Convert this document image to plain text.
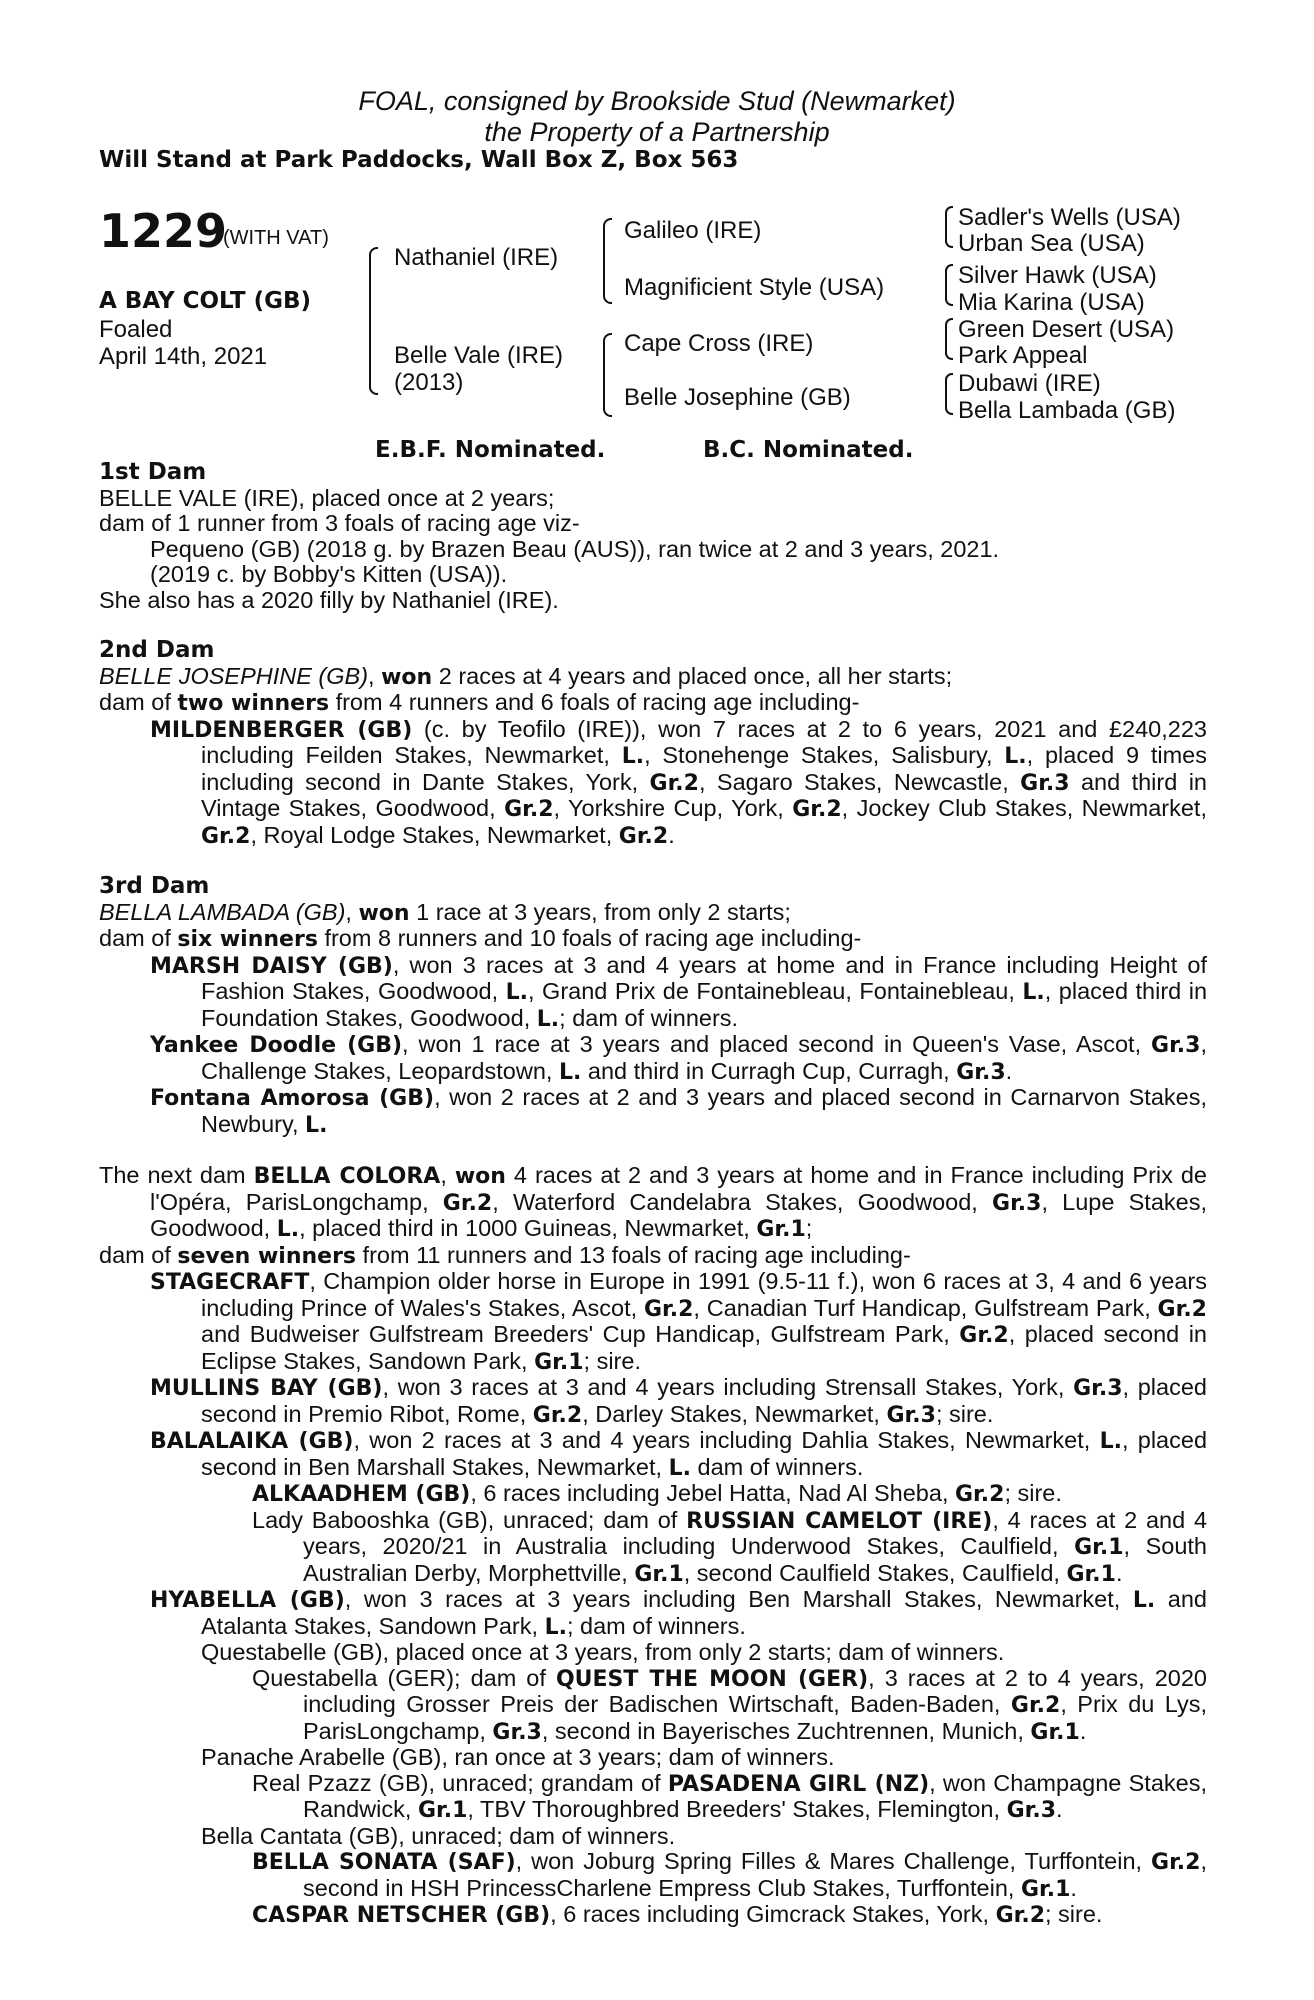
FOAL, consigned by Brookside Stud (Newmarket)
the Property of a Partnership
Will Stand at Park Paddocks, Wall Box Z, Box 563
1229
(WITH VAT)
A BAY COLT (GB)
Foaled
April 14th, 2021
Nathaniel (IRE)
Belle Vale (IRE)
(2013)
Galileo (IRE)
Magnificient Style (USA)
Cape Cross (IRE)
Belle Josephine (GB)
Sadler's Wells (USA)
Urban Sea (USA)
Silver Hawk (USA)
Mia Karina (USA)
Green Desert (USA)
Park Appeal
Dubawi (IRE)
Bella Lambada (GB)
E.B.F. Nominated.	B.C. Nominated.
1st Dam
BELLE VALE (IRE), placed once at 2 years;
dam of 1 runner from 3 foals of racing age viz-
Pequeno (GB) (2018 g. by Brazen Beau (AUS)), ran twice at 2 and 3 years, 2021.
(2019 c. by Bobby's Kitten (USA)).
She also has a 2020 filly by Nathaniel (IRE).
2nd Dam
BELLE JOSEPHINE (GB), won 2 races at 4 years and placed once, all her starts;
dam of two winners from 4 runners and 6 foals of racing age including-
MILDENBERGER (GB) (c. by Teofilo (IRE)), won 7 races at 2 to 6 years, 2021 and £240,223 including Feilden Stakes, Newmarket, L., Stonehenge Stakes, Salisbury, L., placed 9 times including second in Dante Stakes, York, Gr.2, Sagaro Stakes, Newcastle, Gr.3 and third in Vintage Stakes, Goodwood, Gr.2, Yorkshire Cup, York, Gr.2, Jockey Club Stakes, Newmarket, Gr.2, Royal Lodge Stakes, Newmarket, Gr.2.
3rd Dam
BELLA LAMBADA (GB), won 1 race at 3 years, from only 2 starts;
dam of six winners from 8 runners and 10 foals of racing age including-
MARSH DAISY (GB), won 3 races at 3 and 4 years at home and in France including Height of Fashion Stakes, Goodwood, L., Grand Prix de Fontainebleau, Fontainebleau, L., placed third in Foundation Stakes, Goodwood, L.; dam of winners.
Yankee Doodle (GB), won 1 race at 3 years and placed second in Queen's Vase, Ascot, Gr.3, Challenge Stakes, Leopardstown, L. and third in Curragh Cup, Curragh, Gr.3.
Fontana Amorosa (GB), won 2 races at 2 and 3 years and placed second in Carnarvon Stakes, Newbury, L.
The next dam BELLA COLORA, won 4 races at 2 and 3 years at home and in France including Prix de l'Opéra, ParisLongchamp, Gr.2, Waterford Candelabra Stakes, Goodwood, Gr.3, Lupe Stakes, Goodwood, L., placed third in 1000 Guineas, Newmarket, Gr.1;
dam of seven winners from 11 runners and 13 foals of racing age including-
STAGECRAFT, Champion older horse in Europe in 1991 (9.5-11 f.), won 6 races at 3, 4 and 6 years including Prince of Wales's Stakes, Ascot, Gr.2, Canadian Turf Handicap, Gulfstream Park, Gr.2 and Budweiser Gulfstream Breeders' Cup Handicap, Gulfstream Park, Gr.2, placed second in Eclipse Stakes, Sandown Park, Gr.1; sire.
MULLINS BAY (GB), won 3 races at 3 and 4 years including Strensall Stakes, York, Gr.3, placed second in Premio Ribot, Rome, Gr.2, Darley Stakes, Newmarket, Gr.3; sire.
BALALAIKA (GB), won 2 races at 3 and 4 years including Dahlia Stakes, Newmarket, L., placed second in Ben Marshall Stakes, Newmarket, L. dam of winners.
ALKAADHEM (GB), 6 races including Jebel Hatta, Nad Al Sheba, Gr.2; sire.
Lady Babooshka (GB), unraced; dam of RUSSIAN CAMELOT (IRE), 4 races at 2 and 4 years, 2020/21 in Australia including Underwood Stakes, Caulfield, Gr.1, South Australian Derby, Morphettville, Gr.1, second Caulfield Stakes, Caulfield, Gr.1.
HYABELLA (GB), won 3 races at 3 years including Ben Marshall Stakes, Newmarket, L. and Atalanta Stakes, Sandown Park, L.; dam of winners.
Questabelle (GB), placed once at 3 years, from only 2 starts; dam of winners.
Questabella (GER); dam of QUEST THE MOON (GER), 3 races at 2 to 4 years, 2020 including Grosser Preis der Badischen Wirtschaft, Baden-Baden, Gr.2, Prix du Lys, ParisLongchamp, Gr.3, second in Bayerisches Zuchtrennen, Munich, Gr.1.
Panache Arabelle (GB), ran once at 3 years; dam of winners.
Real Pzazz (GB), unraced; grandam of PASADENA GIRL (NZ), won Champagne Stakes, Randwick, Gr.1, TBV Thoroughbred Breeders' Stakes, Flemington, Gr.3.
Bella Cantata (GB), unraced; dam of winners.
BELLA SONATA (SAF), won Joburg Spring Filles & Mares Challenge, Turffontein, Gr.2, second in HSH PrincessCharlene Empress Club Stakes, Turffontein, Gr.1.
CASPAR NETSCHER (GB), 6 races including Gimcrack Stakes, York, Gr.2; sire.
